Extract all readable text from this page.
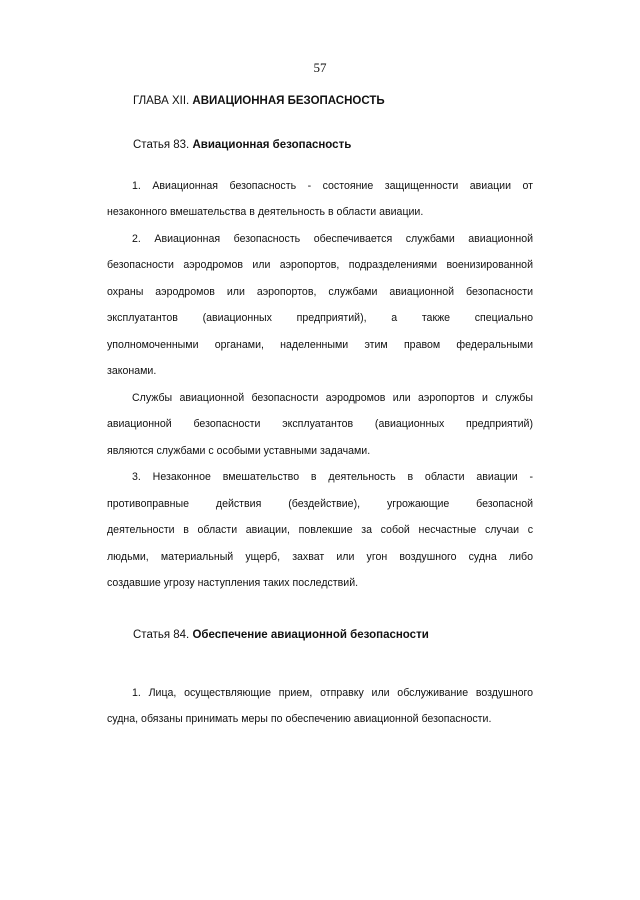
57
ГЛАВА XII. АВИАЦИОННАЯ БЕЗОПАСНОСТЬ
Статья 83. Авиационная безопасность
1. Авиационная безопасность - состояние защищенности авиации от
незаконного вмешательства в деятельность в области авиации.
2. Авиационная безопасность обеспечивается службами авиационной
безопасности аэродромов или аэропортов, подразделениями военизированной
охраны аэродромов или аэропортов, службами авиационной безопасности
эксплуатантов (авиационных предприятий), а также специально
уполномоченными органами, наделенными этим правом федеральными
законами.
Службы авиационной безопасности аэродромов или аэропортов и службы
авиационной безопасности эксплуатантов (авиационных предприятий)
являются службами с особыми уставными задачами.
3. Незаконное вмешательство в деятельность в области авиации -
противоправные действия (бездействие), угрожающие безопасной
деятельности в области авиации, повлекшие за собой несчастные случаи с
людьми, материальный ущерб, захват или угон воздушного судна либо
создавшие угрозу наступления таких последствий.
Статья 84. Обеспечение авиационной безопасности
1. Лица, осуществляющие прием, отправку или обслуживание воздушного
судна, обязаны принимать меры по обеспечению авиационной безопасности.
